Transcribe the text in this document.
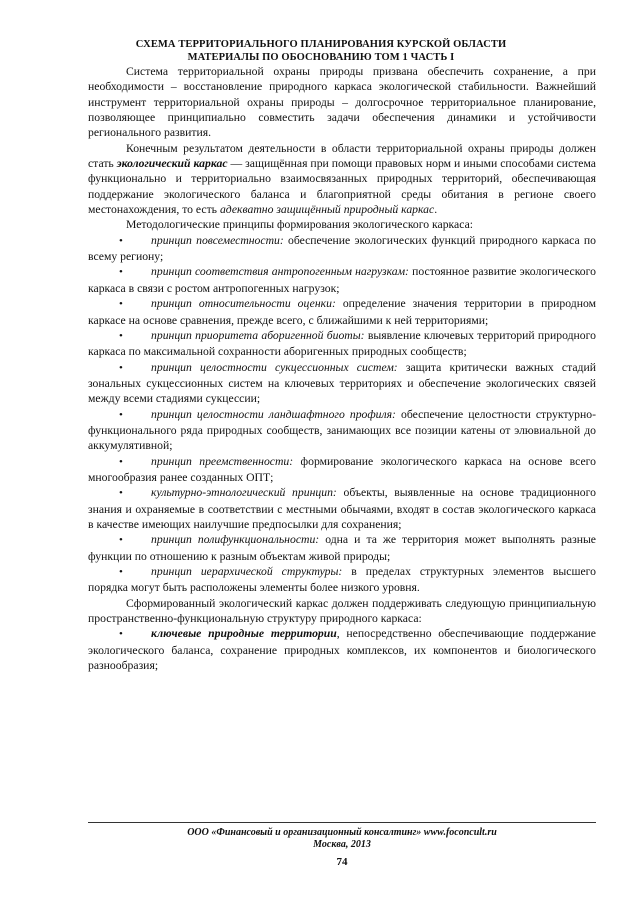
СХЕМА ТЕРРИТОРИАЛЬНОГО ПЛАНИРОВАНИЯ КУРСКОЙ ОБЛАСТИ
МАТЕРИАЛЫ ПО ОБОСНОВАНИЮ ТОМ 1 ЧАСТЬ I

Система территориальной охраны природы призвана обеспечить сохранение, а при необходимости – восстановление природного каркаса экологической стабильности. Важнейший инструмент территориальной охраны природы – долгосрочное территориальное планирование, позволяющее принципиально совместить задачи обеспечения динамики и устойчивости регионального развития.

Конечным результатом деятельности в области территориальной охраны природы должен стать экологический каркас — защищённая при помощи правовых норм и иными способами система функционально и территориально взаимосвязанных природных территорий, обеспечивающая поддержание экологического баланса и благоприятной среды обитания в регионе своего местонахождения, то есть адекватно защищённый природный каркас.

Методологические принципы формирования экологического каркаса:

• принцип повсеместности: обеспечение экологических функций природного каркаса по всему региону;

• принцип соответствия антропогенным нагрузкам: постоянное развитие экологического каркаса в связи с ростом антропогенных нагрузок;

• принцип относительности оценки: определение значения территории в природном каркасе на основе сравнения, прежде всего, с ближайшими к ней территориями;

• принцип приоритета аборигенной биоты: выявление ключевых территорий природного каркаса по максимальной сохранности аборигенных природных сообществ;

• принцип целостности сукцессионных систем: защита критически важных стадий зональных сукцессионных систем на ключевых территориях и обеспечение экологических связей между всеми стадиями сукцессии;

• принцип целостности ландшафтного профиля: обеспечение целостности структурно-функционального ряда природных сообществ, занимающих все позиции катены от элювиальной до аккумулятивной;

• принцип преемственности: формирование экологического каркаса на основе всего многообразия ранее созданных ОПТ;

• культурно-этнологический принцип: объекты, выявленные на основе традиционного знания и охраняемые в соответствии с местными обычаями, входят в состав экологического каркаса в качестве имеющих наилучшие предпосылки для сохранения;

• принцип полифункциональности: одна и та же территория может выполнять разные функции по отношению к разным объектам живой природы;

• принцип иерархической структуры: в пределах структурных элементов высшего порядка могут быть расположены элементы более низкого уровня.

Сформированный экологический каркас должен поддерживать следующую принципиальную пространственно-функциональную структуру природного каркаса:

• ключевые природные территории, непосредственно обеспечивающие поддержание экологического баланса, сохранение природных комплексов, их компонентов и биологического разнообразия;

ООО «Финансовый и организационный консалтинг» www.foconcult.ru
Москва, 2013
74
